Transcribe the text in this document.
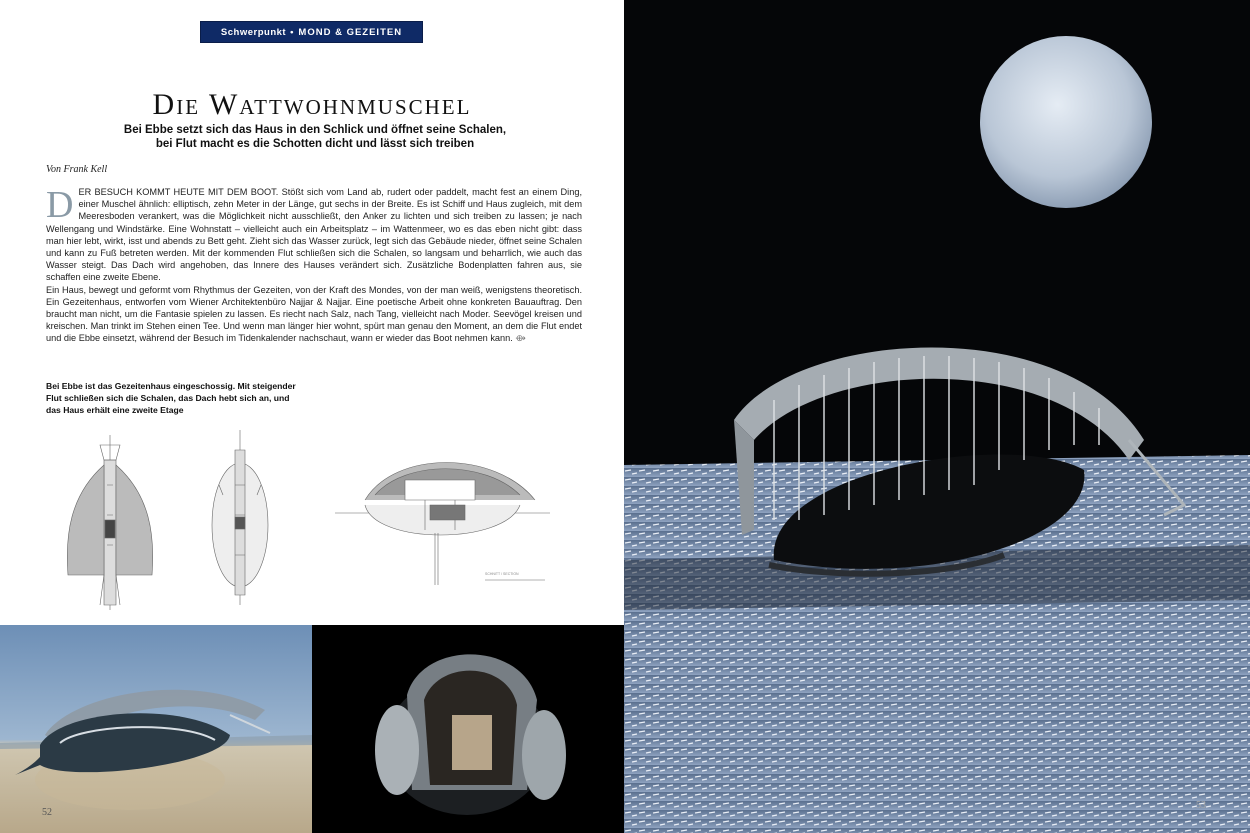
Schwerpunkt • MOND & GEZEITEN
Die Wattwohnmuschel
Bei Ebbe setzt sich das Haus in den Schlick und öffnet seine Schalen,
bei Flut macht es die Schotten dicht und lässt sich treiben
Von Frank Kell
D ER BESUCH KOMMT HEUTE MIT DEM BOOT. Stößt sich vom Land ab, rudert oder paddelt, macht fest an einem Ding, einer Muschel ähnlich: elliptisch, zehn Meter in der Länge, gut sechs in der Breite. Es ist Schiff und Haus zugleich, mit dem Meeresboden verankert, was die Möglichkeit nicht ausschließt, den Anker zu lichten und sich treiben zu lassen; je nach Wellengang und Windstärke. Eine Wohnstatt – vielleicht auch ein Arbeitsplatz – im Wattenmeer, wo es das eben nicht gibt: dass man hier lebt, wirkt, isst und abends zu Bett geht. Zieht sich das Wasser zurück, legt sich das Gebäude nieder, öffnet seine Schalen und kann zu Fuß betreten werden. Mit der kommenden Flut schließen sich die Schalen, so langsam und beharrlich, wie auch das Wasser steigt. Das Dach wird angehoben, das Innere des Hauses verändert sich. Zusätzliche Bodenplatten fahren aus, sie schaffen eine zweite Ebene.

Ein Haus, bewegt und geformt vom Rhythmus der Gezeiten, von der Kraft des Mondes, von der man weiß, wenigstens theoretisch. Ein Gezeitenhaus, entworfen vom Wiener Architektenbüro Najjar & Najjar. Eine poetische Arbeit ohne konkreten Bauauftrag. Den braucht man nicht, um die Fantasie spielen zu lassen. Es riecht nach Salz, nach Tang, vielleicht nach Moder. Seevögel kreisen und kreischen. Man trinkt im Stehen einen Tee. Und wenn man länger hier wohnt, spürt man genau den Moment, an dem die Flut endet und die Ebbe einsetzt, während der Besuch im Tidenkalender nachschaut, wann er wieder das Boot nehmen kann. ⟴

Bei Ebbe ist das Gezeitenhaus eingeschossig. Mit steigender
Flut schließen sich die Schalen, das Dach hebt sich an, und
das Haus erhält eine zweite Etage
SCHNITT / SECTION
52
53
